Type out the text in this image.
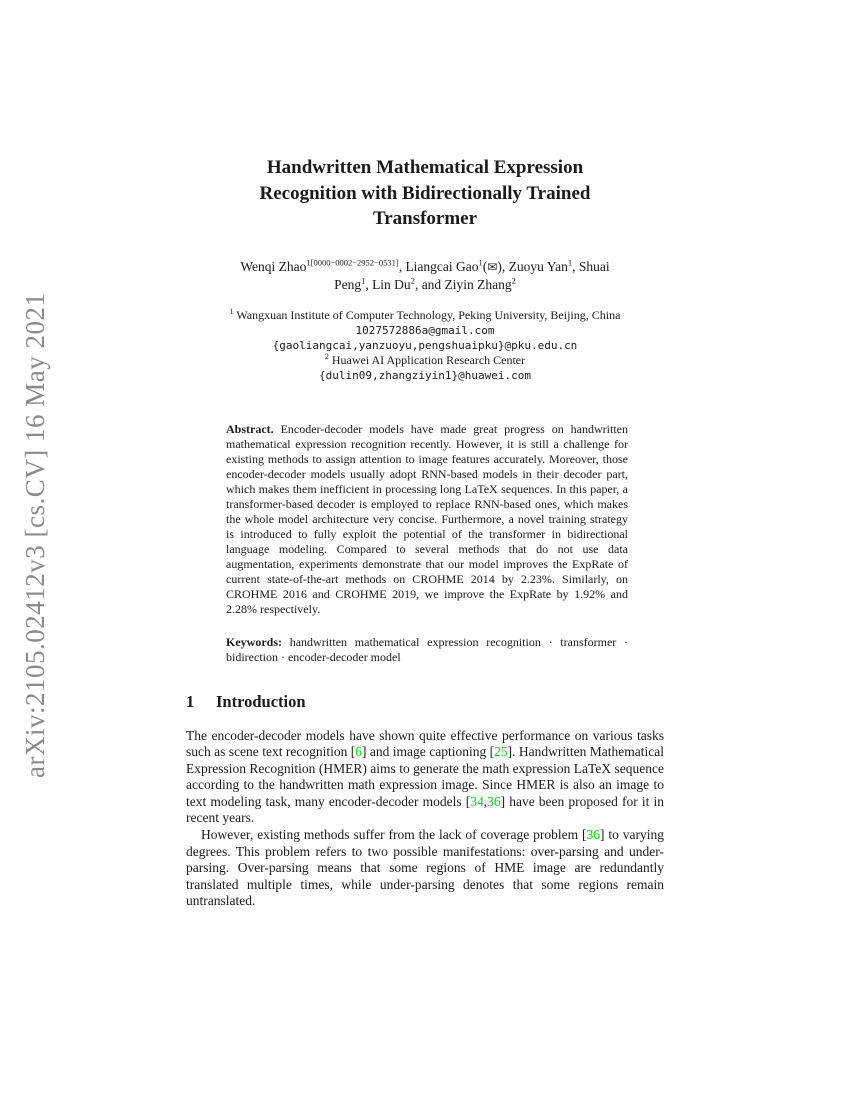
arXiv:2105.02412v3 [cs.CV] 16 May 2021
Handwritten Mathematical Expression
Recognition with Bidirectionally Trained
Transformer
Wenqi Zhao$^{1[0000-0002-2952-0531]}$, Liangcai Gao$^1$(✉), Zuoyu Yan$^1$, Shuai
Peng$^1$, Lin Du$^2$, and Ziyin Zhang$^2$
$^1$ Wangxuan Institute of Computer Technology, Peking University, Beijing, China
1027572886a@gmail.com
{gaoliangcai,yanzuoyu,pengshuaipku}@pku.edu.cn
$^2$ Huawei AI Application Research Center
{dulin09,zhangziyin1}@huawei.com

Abstract. Encoder-decoder models have made great progress on handwritten mathematical expression recognition recently. However, it is still a challenge for existing methods to assign attention to image features accurately. Moreover, those encoder-decoder models usually adopt RNN-based models in their decoder part, which makes them inefficient in processing long LaTeX sequences. In this paper, a transformer-based decoder is employed to replace RNN-based ones, which makes the whole model architecture very concise. Furthermore, a novel training strategy is introduced to fully exploit the potential of the transformer in bidirectional language modeling. Compared to several methods that do not use data augmentation, experiments demonstrate that our model improves the ExpRate of current state-of-the-art methods on CROHME 2014 by 2.23%. Similarly, on CROHME 2016 and CROHME 2019, we improve the ExpRate by 1.92% and 2.28% respectively.

Keywords: handwritten mathematical expression recognition · transformer · bidirection · encoder-decoder model

1 Introduction

The encoder-decoder models have shown quite effective performance on various tasks such as scene text recognition [6] and image captioning [25]. Handwritten Mathematical Expression Recognition (HMER) aims to generate the math expression LaTeX sequence according to the handwritten math expression image. Since HMER is also an image to text modeling task, many encoder-decoder models [34,36] have been proposed for it in recent years.

However, existing methods suffer from the lack of coverage problem [36] to varying degrees. This problem refers to two possible manifestations: over-parsing and under-parsing. Over-parsing means that some regions of HME image are redundantly translated multiple times, while under-parsing denotes that some regions remain untranslated.
